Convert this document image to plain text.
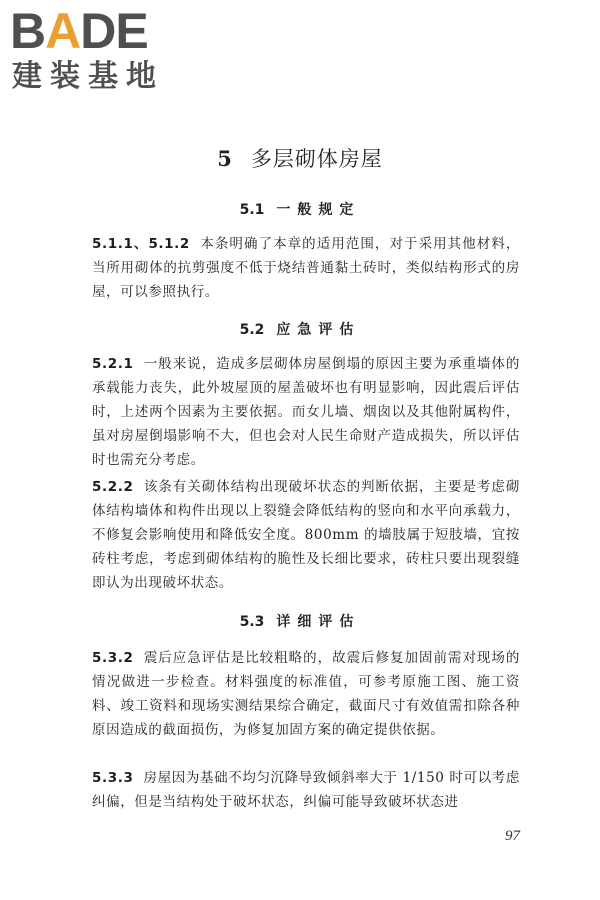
BADE
建装基地
5 多层砌体房屋
5.1 一般规定

5.1.1、5.1.2 本条明确了本章的适用范围，对于采用其他材料，当所用砌体的抗剪强度不低于烧结普通黏土砖时，类似结构形式的房屋，可以参照执行。

5.2 应急评估

5.2.1 一般来说，造成多层砌体房屋倒塌的原因主要为承重墙体的承载能力丧失，此外坡屋顶的屋盖破坏也有明显影响，因此震后评估时，上述两个因素为主要依据。而女儿墙、烟囱以及其他附属构件，虽对房屋倒塌影响不大，但也会对人民生命财产造成损失，所以评估时也需充分考虑。

5.2.2 该条有关砌体结构出现破坏状态的判断依据，主要是考虑砌体结构墙体和构件出现以上裂缝会降低结构的竖向和水平向承载力，不修复会影响使用和降低安全度。800mm 的墙肢属于短肢墙，宜按砖柱考虑，考虑到砌体结构的脆性及长细比要求，砖柱只要出现裂缝即认为出现破坏状态。

5.3 详细评估

5.3.2 震后应急评估是比较粗略的，故震后修复加固前需对现场的情况做进一步检查。材料强度的标准值，可参考原施工图、施工资料、竣工资料和现场实测结果综合确定，截面尺寸有效值需扣除各种原因造成的截面损伤，为修复加固方案的确定提供依据。

5.3.3 房屋因为基础不均匀沉降导致倾斜率大于 1/150 时可以考虑纠偏，但是当结构处于破坏状态，纠偏可能导致破坏状态进

97
